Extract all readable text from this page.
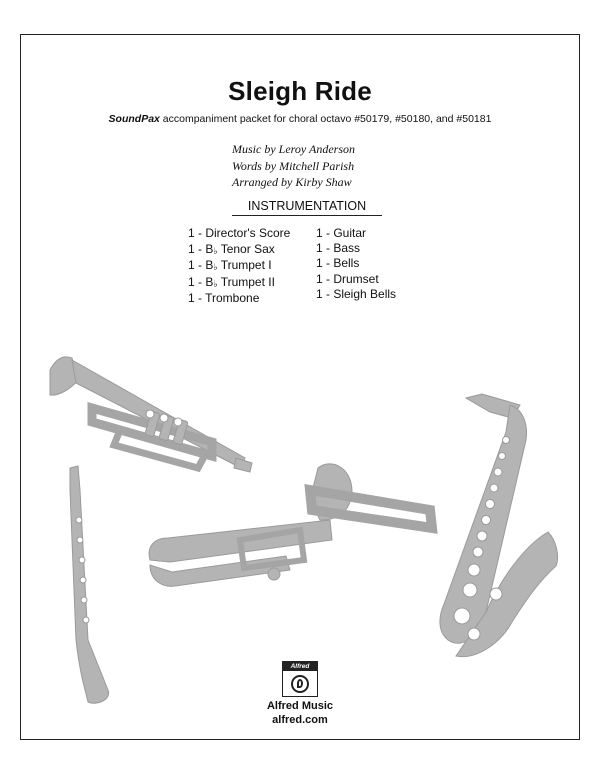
Sleigh Ride
SoundPax accompaniment packet for choral octavo #50179, #50180, and #50181
Music by Leroy Anderson
Words by Mitchell Parish
Arranged by Kirby Shaw
INSTRUMENTATION
1 - Director's Score
1 - B♭ Tenor Sax
1 - B♭ Trumpet I
1 - B♭ Trumpet II
1 - Trombone
1 - Guitar
1 - Bass
1 - Bells
1 - Drumset
1 - Sleigh Bells
Alfred
Alfred Music
alfred.com
